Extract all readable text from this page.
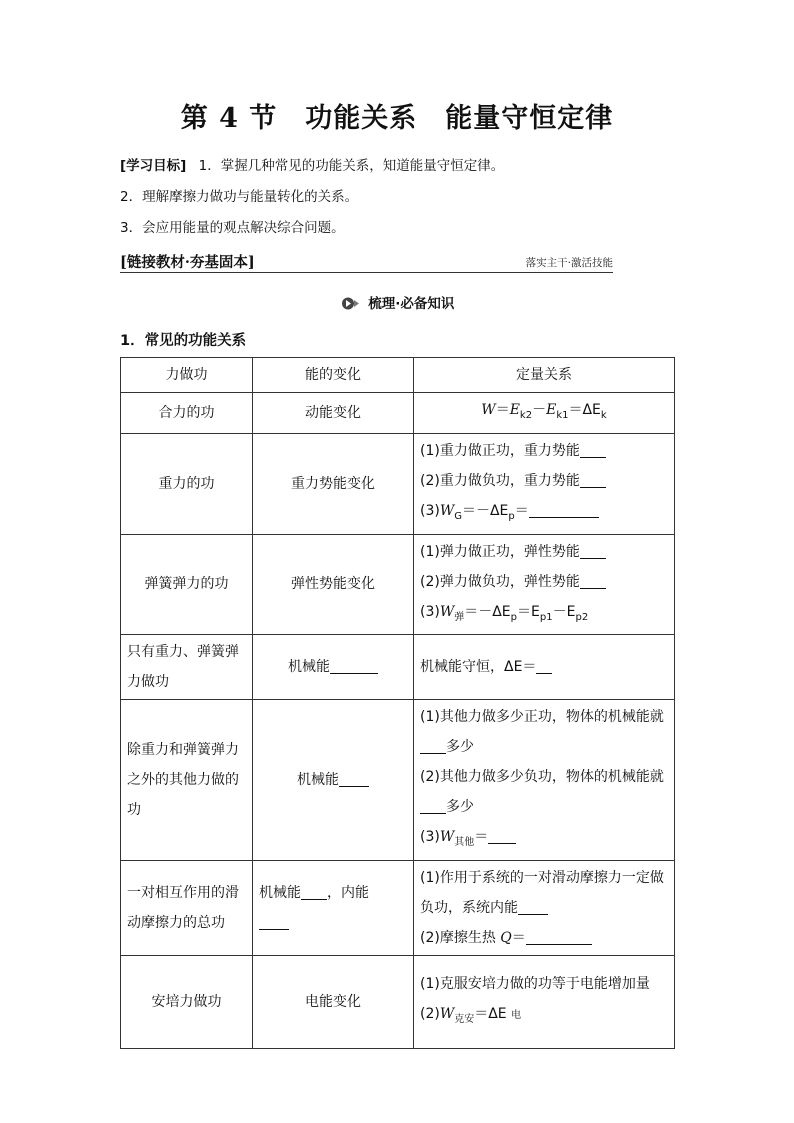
第 4 节　功能关系　能量守恒定律
[学习目标] 1．掌握几种常见的功能关系，知道能量守恒定律。
2．理解摩擦力做功与能量转化的关系。
3．会应用能量的观点解决综合问题。
[链接教材·夯基固本]	落实主干·激活技能
梳理·必备知识
1．常见的功能关系
力做功	能的变化	定量关系
合力的功	动能变化	$W=E_{k2}-E_{k1}=\Delta E_k$
重力的功	重力势能变化	(1)重力做正功，重力势能
(2)重力做负功，重力势能
$(3)W_G=-\Delta E_p=$

弹簧弹力的功	弹性势能变化	(1)弹力做正功，弹性势能
(2)弹力做负功，弹性势能
$(3)W_弹=-\Delta E_p=E_{p1}-E_{p2}$

只有重力、弹簧弹力做功	机械能	机械能守恒，ΔE＝
除重力和弹簧弹力之外的其他力做的功	机械能	(1)其他力做多少正功，物体的机械能就多少
(2)其他力做多少负功，物体的机械能就多少
$(3)W_{其他}=$

一对相互作用的滑动摩擦力的总功	机械能 ，内能	(1)作用于系统的一对滑动摩擦力一定做负功，系统内能
(2)摩擦生热 Q＝

安培力做功	电能变化	(1)克服安培力做的功等于电能增加量
$(2)W_{克安}=\Delta E$ 电
